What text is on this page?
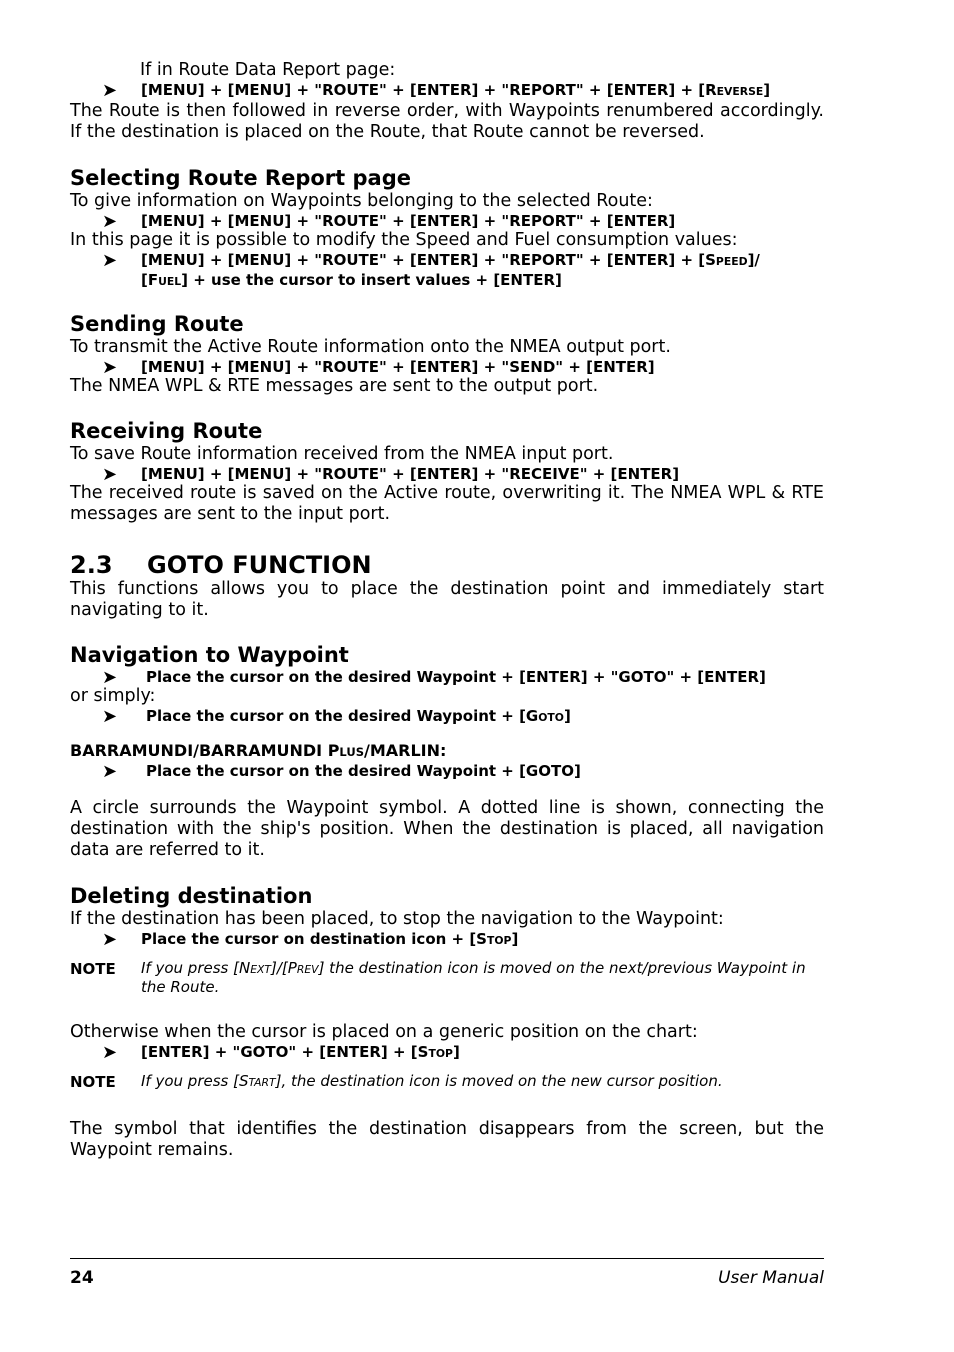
If in Route Data Report page:

➤ [MENU] + [MENU] + "ROUTE" + [ENTER] + "REPORT" + [ENTER] + [REVERSE]

The Route is then followed in reverse order, with Waypoints renumbered accordingly. If the destination is placed on the Route, that Route cannot be reversed.

Selecting Route Report page

To give information on Waypoints belonging to the selected Route:

➤ [MENU] + [MENU] + "ROUTE" + [ENTER] + "REPORT" + [ENTER]

In this page it is possible to modify the Speed and Fuel consumption values:

➤ [MENU] + [MENU] + "ROUTE" + [ENTER] + "REPORT" + [ENTER] + [SPEED]/
[FUEL] + use the cursor to insert values + [ENTER]

Sending Route

To transmit the Active Route information onto the NMEA output port.

➤ [MENU] + [MENU] + "ROUTE" + [ENTER] + "SEND" + [ENTER]

The NMEA WPL & RTE messages are sent to the output port.

Receiving Route

To save Route information received from the NMEA input port.

➤ [MENU] + [MENU] + "ROUTE" + [ENTER] + "RECEIVE" + [ENTER]

The received route is saved on the Active route, overwriting it. The NMEA WPL & RTE messages are sent to the input port.

2.3 GOTO FUNCTION

This functions allows you to place the destination point and immediately start navigating to it.

Navigation to Waypoint

➤ Place the cursor on the desired Waypoint + [ENTER] + "GOTO" + [ENTER]

or simply:

➤ Place the cursor on the desired Waypoint + [GOTO]

BARRAMUNDI/BARRAMUNDI PLUS/MARLIN:

➤ Place the cursor on the desired Waypoint + [GOTO]

A circle surrounds the Waypoint symbol. A dotted line is shown, connecting the destination with the ship's position. When the destination is placed, all navigation data are referred to it.

Deleting destination

If the destination has been placed, to stop the navigation to the Waypoint:

➤ Place the cursor on destination icon + [STOP]

NOTE If you press [NEXT]/[PREV] the destination icon is moved on the next/previous Waypoint in the Route.

Otherwise when the cursor is placed on a generic position on the chart:

➤ [ENTER] + "GOTO" + [ENTER] + [STOP]

NOTE If you press [START], the destination icon is moved on the new cursor position.

The symbol that identifies the destination disappears from the screen, but the Waypoint remains.

24	User Manual
